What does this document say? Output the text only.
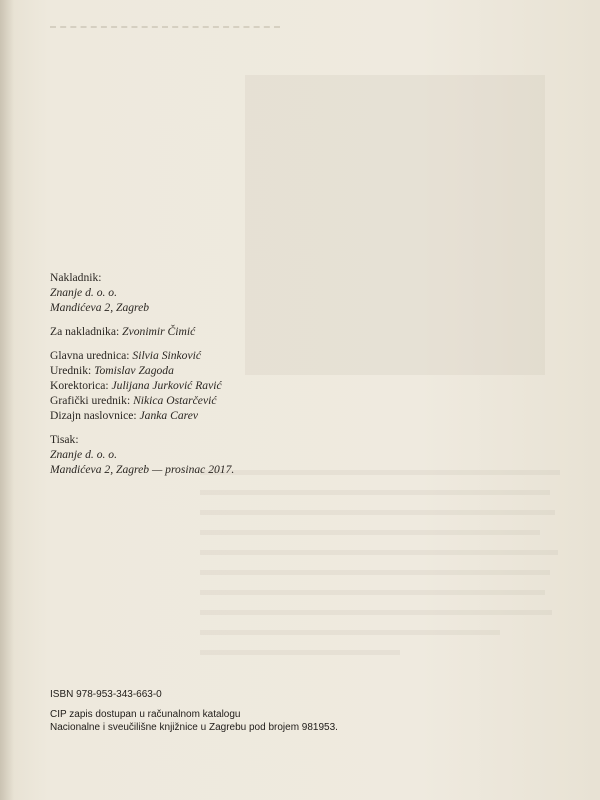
Nakladnik:
Znanje d. o. o.
Mandićeva 2, Zagreb
Za nakladnika: Zvonimir Čimić
Glavna urednica: Silvia Sinković
Urednik: Tomislav Zagoda
Korektorica: Julijana Jurković Ravić
Grafički urednik: Nikica Ostarčević
Dizajn naslovnice: Janka Carev
Tisak:
Znanje d. o. o.
Mandićeva 2, Zagreb — prosinac 2017.
ISBN 978-953-343-663-0
CIP zapis dostupan u računalnom katalogu
Nacionalne i sveučilišne knjižnice u Zagrebu pod brojem 981953.
